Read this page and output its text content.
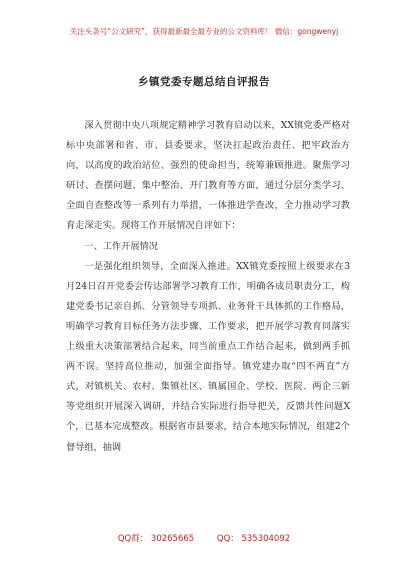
关注头条号“公文研究”，获得最新最全最专业的公文资料库！ 微信：gongwenyj
乡镇党委专题总结自评报告

深入贯彻中央八项规定精神学习教育启动以来，XX镇党委严格对标中央部署和省、市、县委要求，坚决扛起政治责任、把牢政治方向，以高度的政治站位、强烈的使命担当，统筹兼顾推进。聚焦学习研讨、查摆问题、集中整治、开门教育等方面，通过分层分类学习、全面自查整改等一系列有力举措，一体推进学查改，全力推动学习教育走深走实。现将工作开展情况自评如下：

一、工作开展情况

一是强化组织领导，全面深入推进。XX镇党委按照上级要求在3月24日召开党委会传达部署学习教育工作，明确各成员职责分工，构建党委书记亲自抓、分管领导专项抓、业务骨干具体抓的工作格局，明确学习教育目标任务方法步骤、工作要求，把开展学习教育同落实上级重大决策部署结合起来，同当前重点工作结合起来，做到两手抓两不误。坚持高位推动，加强全面指导。镇党建办取“四不两直”方式，对镇机关、农村、集镇社区、镇属国企、学校、医院、两企三新等党组织开展深入调研，并结合实际进行指导把关，反馈共性问题X个，已基本完成整改。根据省市县要求，结合本地实际情况，组建2个督导组，抽调

QQ群： 30265665	QQ： 535304092
